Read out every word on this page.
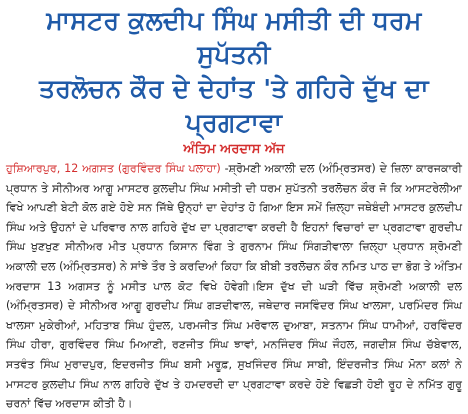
ਮਾਸਟਰ ਕੁਲਦੀਪ ਸਿੰਘ ਮਸੀਤੀ ਦੀ ਧਰਮ ਸੁਪੱਤਨੀ
ਤਰਲੋਚਨ ਕੌਰ ਦੇ ਦੇਹਾਂਤ 'ਤੇ ਗਹਿਰੇ ਦੁੱਖ ਦਾ ਪ੍ਰਗਟਾਵਾ
ਅੰਤਿਮ ਅਰਦਾਸ ਅੱਜ

ਹੁਸ਼ਿਆਰਪੁਰ, 12 ਅਗਸਤ (ਗੁਰਵਿੰਦਰ ਸਿੰਘ ਪਲਾਹਾ) -ਸ਼੍ਰੋਮਣੀ ਅਕਾਲੀ ਦਲ (ਅੰਮ੍ਰਿਤਸਰ) ਦੇ ਜ਼ਿਲਾ ਕਾਰਜਕਾਰੀ ਪ੍ਰਧਾਨ ਤੇ ਸੀਨੀਅਰ ਆਗੂ ਮਾਸਟਰ ਕੁਲਦੀਪ ਸਿੰਘ ਮਸੀਤੀ ਦੀ ਧਰਮ ਸੁਪੱਤਨੀ ਤਰਲੋਚਨ ਕੌਰ ਜੋ ਕਿ ਆਸਟਰੇਲੀਆ ਵਿਖੇ ਆਪਣੀ ਬੇਟੀ ਕੋਲ ਗਏ ਹੋਏ ਸਨ ਜਿੱਥੇ ਉਨ੍ਹਾਂ ਦਾ ਦੇਹਾਂਤ ਹੋ ਗਿਆ ਇਸ ਸਮੇਂ ਜ਼ਿਲ੍ਹਾ ਜਥੇਬੰਦੀ ਮਾਸਟਰ ਕੁਲਦੀਪ ਸਿੰਘ ਅਤੇ ਉਹਨਾਂ ਦੇ ਪਰਿਵਾਰ ਨਾਲ ਗਹਿਰੇ ਦੁੱਖ ਦਾ ਪ੍ਰਗਟਾਵਾ ਕਰਦੀ ਹੈ ਇਹਨਾਂ ਵਿਚਾਰਾਂ ਦਾ ਪ੍ਰਗਟਾਵਾ ਗੁਰਦੀਪ ਸਿੰਘ ਖੁਣਖੁਣ ਸੀਨੀਅਰ ਮੀਤ ਪ੍ਰਧਾਨ ਕਿਸਾਨ ਵਿੰਗ ਤੇ ਗੁਰਨਾਮ ਸਿੰਘ ਸਿੰਗੜੀਵਾਲਾ ਜ਼ਿਲ੍ਹਾ ਪ੍ਰਧਾਨ ਸ਼੍ਰੋਮਣੀ ਅਕਾਲੀ ਦਲ (ਅੰਮ੍ਰਿਤਸਰ) ਨੇ ਸਾਂਝੇ ਤੌਰ ਤੇ ਕਰਦਿਆਂ ਕਿਹਾ ਕਿ ਬੀਬੀ ਤਰਲੋਚਨ ਕੌਰ ਨਮਿਤ ਪਾਠ ਦਾ ਭੋਗ ਤੇ ਅੰਤਿਮ ਅਰਦਾਸ 13 ਅਗਸਤ ਨੂੰ ਮਸੀਤ ਪਾਲ ਕੋਟ ਵਿਖੇ ਹੋਵੇਗੀ।ਇਸ ਦੁੱਖ ਦੀ ਘੜੀ ਵਿੱਚ ਸ਼੍ਰੋਮਣੀ ਅਕਾਲੀ ਦਲ (ਅੰਮ੍ਰਿਤਸਰ) ਦੇ ਸੀਨੀਅਰ ਆਗੂ ਗੁਰਦੀਪ ਸਿੰਘ ਗੜਦੀਵਾਲ, ਜਥੇਦਾਰ ਜਸਵਿੰਦਰ ਸਿੰਘ ਖਾਲਸਾ, ਪਰਮਿੰਦਰ ਸਿੰਘ ਖਾਲਸਾ ਮੁਕੇਰੀਆਂ, ਮਹਿਤਾਬ ਸਿੰਘ ਹੁੰਦਲ, ਪਰਮਜੀਤ ਸਿੰਘ ਮਰੋਵਾਲ ਦੁਆਬਾ, ਸਤਨਾਮ ਸਿੰਘ ਧਾਮੀਆਂ, ਹਰਵਿੰਦਰ ਸਿੰਘ ਹੀਰਾ, ਗੁਰਵਿੰਦਰ ਸਿੰਘ ਮਿਆਣੀ, ਰਣਜੀਤ ਸਿੰਘ ਝਾਵਾਂ, ਮਨਜਿੰਦਰ ਸਿੰਘ ਜੌਹਲ, ਜਗਦੀਸ਼ ਸਿੰਘ ਚੱਬੇਵਾਲ, ਸਤਵੰਤ ਸਿੰਘ ਮੁਰਾਦਪੁਰ, ਇਦਰਜੀਤ ਸਿੰਘ ਬਸੀ ਮਰੂਫ਼, ਸੁਖਜਿੰਦਰ ਸਿੰਘ ਸਾਬੀ, ਇੰਦਰਜੀਤ ਸਿੰਘ ਮੋਨਾ ਕਲਾਂ ਨੇ ਮਾਸਟਰ ਕੁਲਦੀਪ ਸਿੰਘ ਨਾਲ ਗਹਿਰੇ ਦੁੱਖ ਤੇ ਹਮਦਰਦੀ ਦਾ ਪ੍ਰਗਟਾਵਾ ਕਰਦੇ ਹੋਏ ਵਿਛੜੀ ਹੋਈ ਰੂਹ ਦੇ ਨਮਿੱਤ ਗੁਰੂ ਚਰਨਾਂ ਵਿੱਚ ਅਰਦਾਸ ਕੀਤੀ ਹੈ।
